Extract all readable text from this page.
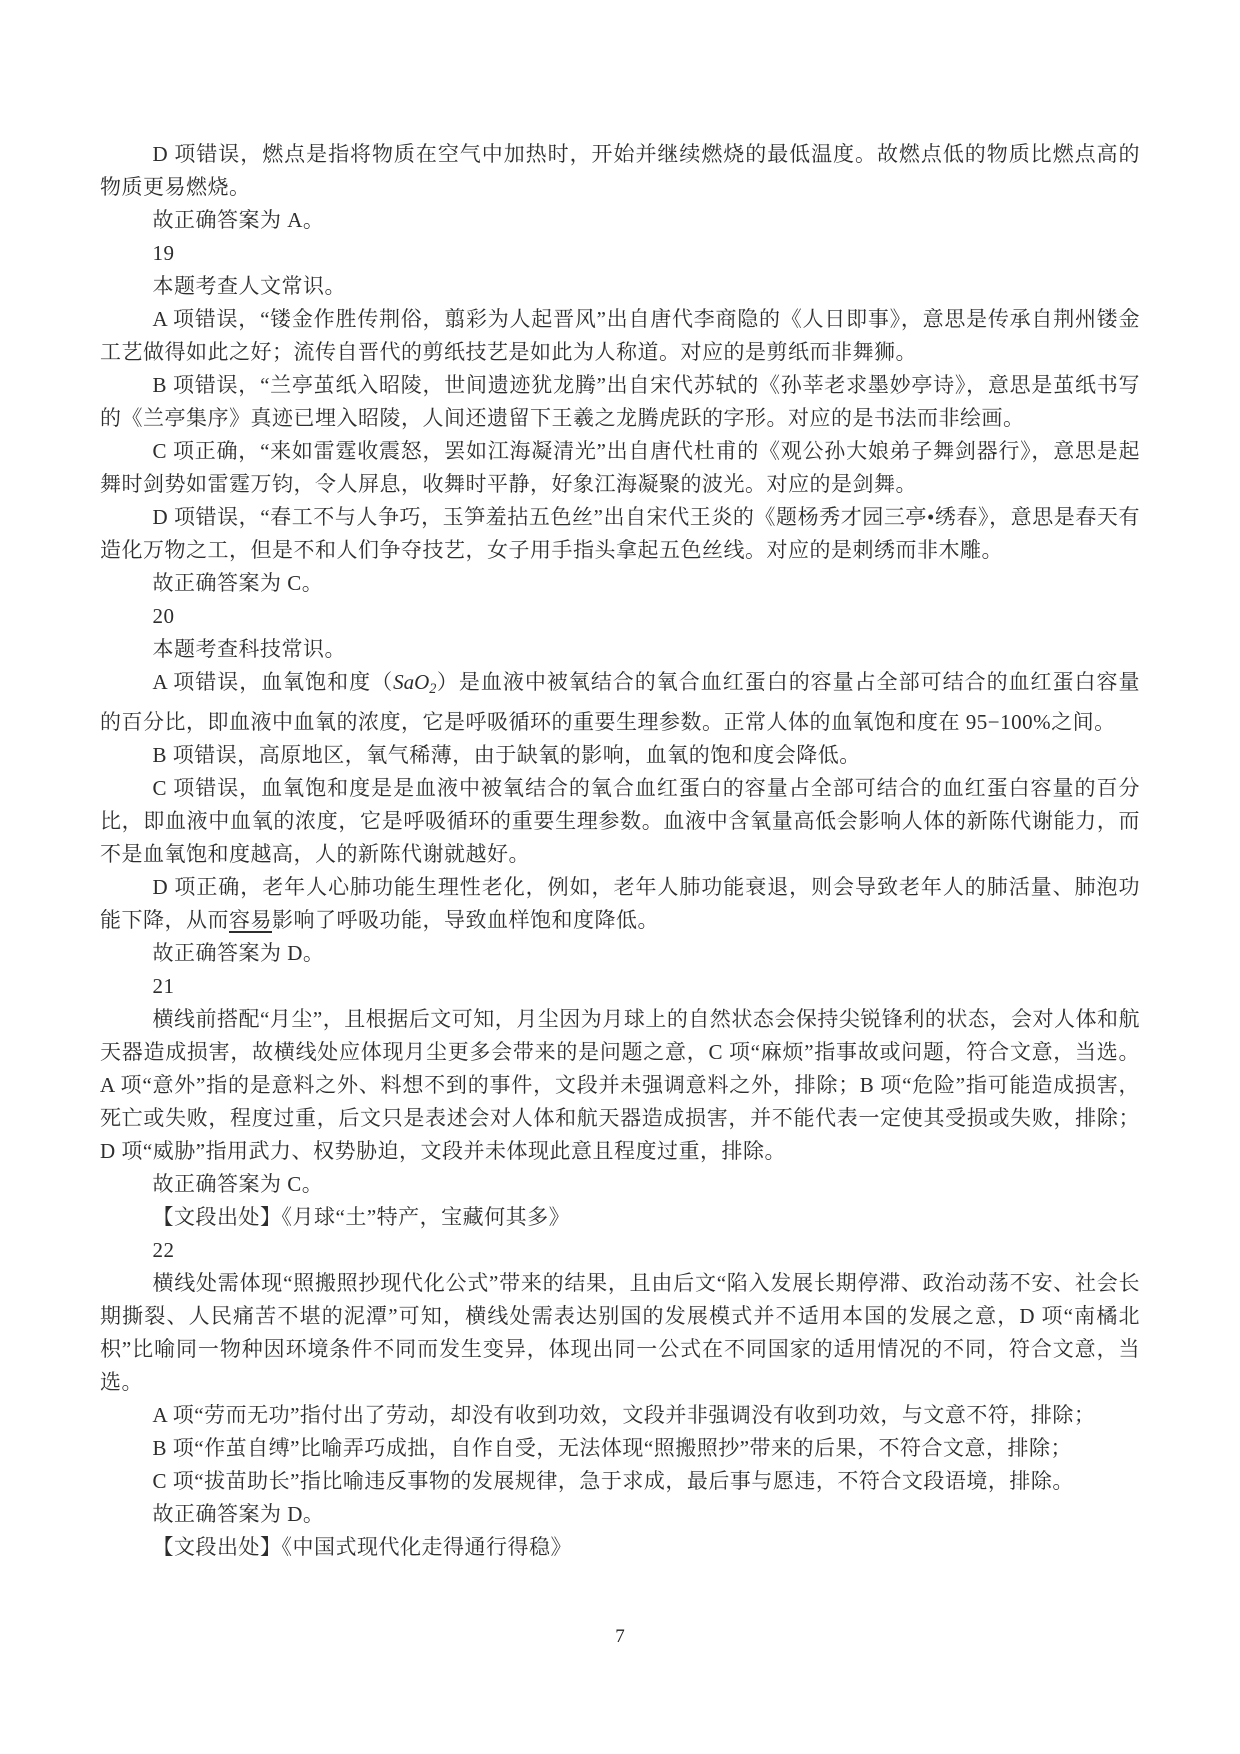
D 项错误，燃点是指将物质在空气中加热时，开始并继续燃烧的最低温度。故燃点低的物质比燃点高的物质更易燃烧。

故正确答案为 A。

19

本题考查人文常识。

A 项错误，“镂金作胜传荆俗，翦彩为人起晋风”出自唐代李商隐的《人日即事》，意思是传承自荆州镂金工艺做得如此之好；流传自晋代的剪纸技艺是如此为人称道。对应的是剪纸而非舞狮。

B 项错误，“兰亭茧纸入昭陵，世间遗迹犹龙腾”出自宋代苏轼的《孙莘老求墨妙亭诗》，意思是茧纸书写的《兰亭集序》真迹已埋入昭陵，人间还遗留下王羲之龙腾虎跃的字形。对应的是书法而非绘画。

C 项正确，“来如雷霆收震怒，罢如江海凝清光”出自唐代杜甫的《观公孙大娘弟子舞剑器行》，意思是起舞时剑势如雷霆万钧，令人屏息，收舞时平静，好象江海凝聚的波光。对应的是剑舞。

D 项错误，“春工不与人争巧，玉笋羞拈五色丝”出自宋代王炎的《题杨秀才园三亭•绣春》，意思是春天有造化万物之工，但是不和人们争夺技艺，女子用手指头拿起五色丝线。对应的是刺绣而非木雕。

故正确答案为 C。

20

本题考查科技常识。

A 项错误，血氧饱和度（SaO2）是血液中被氧结合的氧合血红蛋白的容量占全部可结合的血红蛋白容量的百分比，即血液中血氧的浓度，它是呼吸循环的重要生理参数。正常人体的血氧饱和度在 95−100%之间。

B 项错误，高原地区，氧气稀薄，由于缺氧的影响，血氧的饱和度会降低。

C 项错误，血氧饱和度是是血液中被氧结合的氧合血红蛋白的容量占全部可结合的血红蛋白容量的百分比，即血液中血氧的浓度，它是呼吸循环的重要生理参数。血液中含氧量高低会影响人体的新陈代谢能力，而不是血氧饱和度越高，人的新陈代谢就越好。

D 项正确，老年人心肺功能生理性老化，例如，老年人肺功能衰退，则会导致老年人的肺活量、肺泡功能下降，从而容易影响了呼吸功能，导致血样饱和度降低。

故正确答案为 D。

21

横线前搭配“月尘”，且根据后文可知，月尘因为月球上的自然状态会保持尖锐锋利的状态，会对人体和航天器造成损害，故横线处应体现月尘更多会带来的是问题之意，C 项“麻烦”指事故或问题，符合文意，当选。A 项“意外”指的是意料之外、料想不到的事件，文段并未强调意料之外，排除；B 项“危险”指可能造成损害，死亡或失败，程度过重，后文只是表述会对人体和航天器造成损害，并不能代表一定使其受损或失败，排除；D 项“威胁”指用武力、权势胁迫，文段并未体现此意且程度过重，排除。

故正确答案为 C。

【文段出处】《月球“土”特产，宝藏何其多》

22

横线处需体现“照搬照抄现代化公式”带来的结果，且由后文“陷入发展长期停滞、政治动荡不安、社会长期撕裂、人民痛苦不堪的泥潭”可知，横线处需表达别国的发展模式并不适用本国的发展之意，D 项“南橘北枳”比喻同一物种因环境条件不同而发生变异，体现出同一公式在不同国家的适用情况的不同，符合文意，当选。

A 项“劳而无功”指付出了劳动，却没有收到功效，文段并非强调没有收到功效，与文意不符，排除；

B 项“作茧自缚”比喻弄巧成拙，自作自受，无法体现“照搬照抄”带来的后果，不符合文意，排除；

C 项“拔苗助长”指比喻违反事物的发展规律，急于求成，最后事与愿违，不符合文段语境，排除。

故正确答案为 D。

【文段出处】《中国式现代化走得通行得稳》

7
